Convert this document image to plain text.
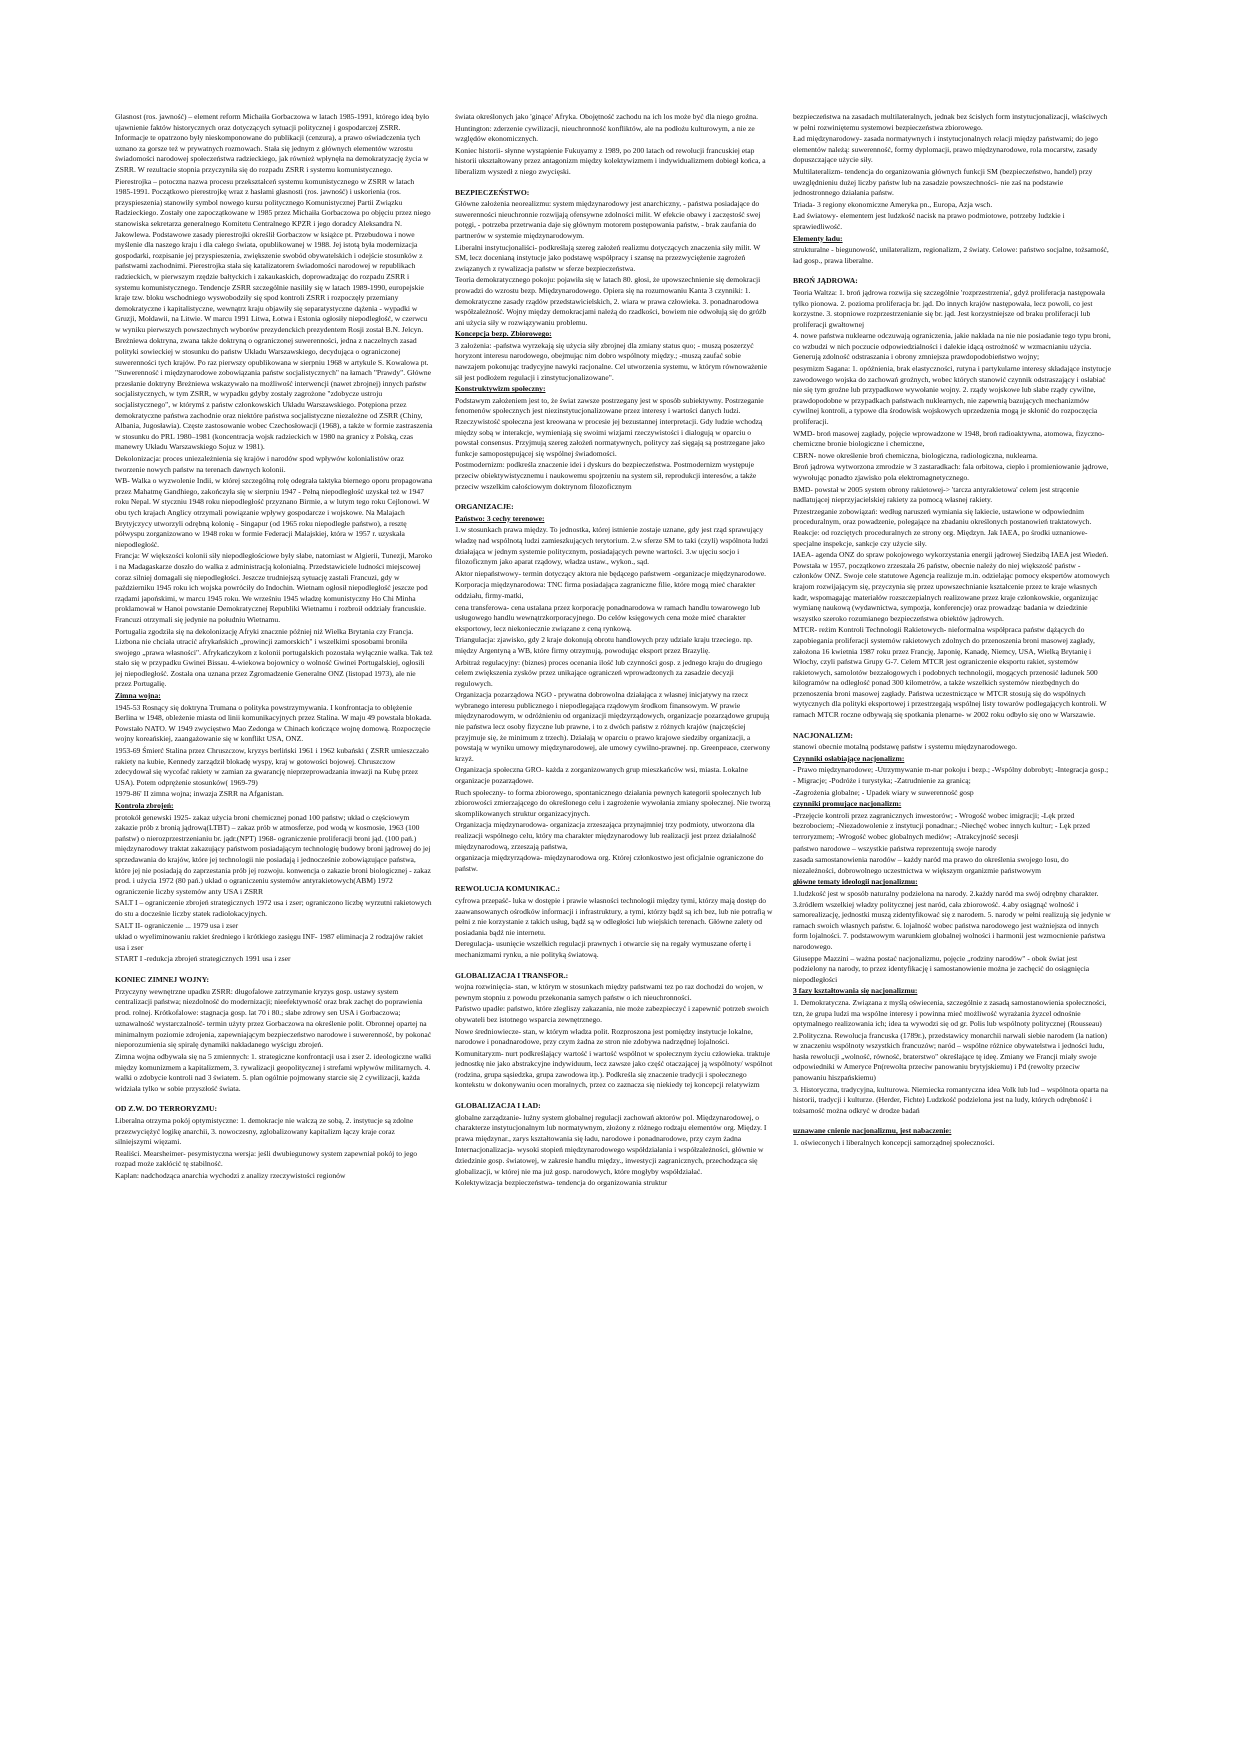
Glasnost (ros. jawność) – element reform Michaiła Gorbaczowa w latach 1985-1991, którego ideą było ujawnienie faktów historycznych oraz dotyczących sytuacji politycznej i gospodarczej ZSRR. Informacje te opatrzono były nieskomponowane do publikacji (cenzura), a prawo oświadczenia tych uznano za gorsze też w prywatnych rozmowach. Stała się jednym z głównych elementów wzrostu świadomości narodowej społeczeństwa radzieckiego, jak również wpłynęła na demokratyzację życia w ZSRR. W rezultacie stopnia przyczyniła się do rozpadu ZSRR i systemu komunistycznego.

Pierestrojka – potoczna nazwa procesu przekształceń systemu komunistycznego w ZSRR w latach 1985-1991. Początkowo pierestrojkę wraz z hasłami głasnosti (ros. jawność) i uskorienia (ros. przyspieszenia) stanowiły symbol nowego kursu politycznego Komunistycznej Partii Związku Radzieckiego. Zostały one zapoczątkowane w 1985 przez Michaiła Gorbaczowa po objęciu przez niego stanowiska sekretarza generalnego Komitetu Centralnego KPZR i jego doradcy Aleksandra N. Jakowlewa. Podstawowe zasady pierestrojki określił Gorbaczow w książce pt. Przebudowa i nowe myślenie dla naszego kraju i dla całego świata, opublikowanej w 1988. Jej istotą była modernizacja gospodarki, rozpisanie jej przyspieszenia, zwiększenie swobód obywatelskich i odejście stosunków z państwami zachodnimi. Pierestrojka stała się katalizatorem świadomości narodowej w republikach radzieckich, w pierwszym rzędzie bałtyckich i zakaukaskich, doprowadzając do rozpadu ZSRR i systemu komunistycznego. Tendencje ZSRR szczególnie nasiliły się w latach 1989-1990, europejskie kraje tzw. bloku wschodniego wyswobodziły się spod kontroli ZSRR i rozpoczęły przemiany demokratyczne i kapitalistyczne, wewnątrz kraju objawiły się separatystyczne dążenia - wypadki w Gruzji, Mołdawii, na Litwie. W marcu 1991 Litwa, Łotwa i Estonia ogłosiły niepodległość, w czerwcu w wyniku pierwszych powszechnych wyborów prezydenckich prezydentem Rosji został B.N. Jelcyn.

Breżniewa doktryna, zwana także doktryną o ograniczonej suwerenności, jedna z naczelnych zasad polityki sowieckiej w stosunku do państw Układu Warszawskiego, decydująca o ograniczonej suwerenności tych krajów. Po raz pierwszy opublikowana w sierpniu 1968 w artykule S. Kowalowa pt. "Suwerenność i międzynarodowe zobowiązania państw socjalistycznych" na łamach "Prawdy". Główne przesłanie doktryny Breżniewa wskazywało na możliwość interwencji (nawet zbrojnej) innych państw socjalistycznych, w tym ZSRR, w wypadku gdyby zostały zagrożone "zdobycze ustroju socjalistycznego", w którymś z państw członkowskich Układu Warszawskiego. Potępiona przez demokratyczne państwa zachodnie oraz niektóre państwa socjalistyczne niezależne od ZSRR (Chiny, Albania, Jugosławia). Częste zastosowanie wobec Czechosłowacji (1968), a także w formie zastraszenia w stosunku do PRL 1980–1981 (koncentracja wojsk radzieckich w 1980 na granicy z Polską, czas manewry Układu Warszawskiego Sojuz w 1981).

Dekolonizacja: proces uniezależnienia się krajów i narodów spod wpływów kolonialistów oraz tworzenie nowych państw na terenach dawnych kolonii.

WB- Walka o wyzwolenie Indii, w której szczególną rolę odegrała taktyka biernego oporu propagowana przez Mahatmę Gandhiego, zakończyła się w sierpniu 1947 - Pełną niepodległość uzyskał też w 1947 roku Nepal. W styczniu 1948 roku niepodległość przyznano Birmie, a w lutym tego roku Cejlonowi. W obu tych krajach Anglicy otrzymali powiązanie wpływy gospodarcze i wojskowe. Na Malajach Brytyjczycy utworzyli odrębną kolonię - Singapur (od 1965 roku niepodległe państwo), a resztę półwyspu zorganizowano w 1948 roku w formie Federacji Malajskiej, która w 1957 r. uzyskała niepodległość.

Francja: W większości kolonii siły niepodległościowe były słabe, natomiast w Algierii, Tunezji, Maroko i na Madagaskarze doszło do walka z administracją kolonialną. Przedstawiciele ludności miejscowej coraz silniej domagali się niepodległości. Jeszcze trudniejszą sytuację zastali Francuzi, gdy w październiku 1945 roku ich wojska powróciły do Indochin. Wietnam ogłosił niepodległość jeszcze pod rządami japońskimi, w marcu 1945 roku. We wrześniu 1945 władzę komunistyczny Ho Chi Minha proklamował w Hanoi powstanie Demokratycznej Republiki Wietnamu i rozbroił oddziały francuskie. Francuzi otrzymali się jedynie na południu Wietnamu.

Portugalia zgodziła się na dekolonizację Afryki znacznie później niż Wielka Brytania czy Francja. Lizbona nie chciała utracić afrykańskich „prowincji zamorskich" i wszelkimi sposobami broniła swojego „prawa własności". Afrykańczykom z kolonii portugalskich pozostała wyłącznie walka. Tak też stało się w przypadku Gwinei Bissau. 4-wiekowa bojownicy o wolność Gwinei Portugalskiej, ogłosili jej niepodległość. Została ona uznana przez Zgromadzenie Generalne ONZ (listopad 1973), ale nie przez Portugalię.

Zimna wojna:

1945-53 Rosnący się doktryna Trumana o polityka powstrzymywania. I konfrontacja to oblężenie Berlina w 1948, obleżenie miasta od linii komunikacyjnych przez Stalina. W maju 49 powstała blokada. Powstało NATO. W 1949 zwycięstwo Mao Zedonga w Chinach kończące wojnę domową. Rozpoczęcie wojny koreańskiej, zaangażowanie się w konflikt USA, ONZ.

1953-69 Śmierć Stalina przez Chruszczow, kryzys berliński 1961 i 1962 kubański ( ZSRR umieszczało rakiety na kubie, Kennedy zarządził blokadę wyspy, kraj w gotowości bojowej. Chruszczow zdecydował się wycofać rakiety w zamian za gwarancję nieprzeprowadzania inwazji na Kubę przez USA). Potem odprężenie stosunków( 1969-79)

1979-86' II zimna wojna; inwazja ZSRR na Afganistan.

Kontrola zbrojeń:

protokół genewski 1925- zakaz użycia broni chemicznej ponad 100 państw; układ o częściowym zakazie prób z bronią jądrową(LTBT) – zakaz prób w atmosferze, pod wodą w kosmosie, 1963 (100 państw) o nierozprzestrzenianiu br. jądr.(NPT) 1968- ograniczenie proliferacji broni jąd. (100 pań.) międzynarodowy traktat zakazujący państwom posiadającym technologię budowy broni jądrowej do jej sprzedawania do krajów, które jej technologii nie posiadają i jednocześnie zobowiązujące państwa, które jej nie posiadają do zaprzestania prób jej rozwoju. konwencja o zakazie broni biologicznej - zakaz prod. i użycia 1972 (80 pań.) układ o ograniczeniu systemów antyrakietowych(ABM) 1972 ograniczenie liczby systemów anty USA i ZSRR

SALT I – ograniczenie zbrojeń strategicznych 1972 usa i zser; ograniczono liczbę wyrzutni rakietowych do stu a docześnie liczby statek radiolokacyjnych.

SALT II- ograniczenie ... 1979 usa i zser

układ o wyeliminowaniu rakiet średniego i krótkiego zasięgu INF- 1987 eliminacja 2 rodzajów rakiet usa i zser

START I -redukcja zbrojeń strategicznych 1991 usa i zser

KONIEC ZIMNEJ WOJNY:

Przyczyny wewnętrzne upadku ZSRR: długofalowe zatrzymanie kryzys gosp. ustawy system centralizacji państwa; niezdolność do modernizacji; nieefektywność oraz brak zachęt do poprawienia prod. rolnej. Krótkofalowe: stagnacja gosp. lat 70 i 80.; słabe zdrowy sen USA i Gorbaczowa;

uznawalność wystarczalność- termin użyty przez Gorbaczowa na określenie polit. Obronnej opartej na minimalnym poziomie zdrojenia, zapewniającym bezpieczeństwo narodowe i suwerenność, by pokonać nieporozumienia się spiralę dynamiki nakładanego wyścigu zbrojeń.

Zimna wojna odbywała się na 5 zmiennych: 1. strategiczne konfrontacji usa i zser 2. ideologiczne walki między komunizmem a kapitalizmem, 3. rywalizacji geopolitycznej i strefami wpływów militarnych. 4. walki o zdobycie kontroli nad 3 światem. 5. plan ogólnie pojmowany starcie się 2 cywilizacji, każda widziała tylko w sobie przyszłość świata.

OD Z.W. DO TERRORYZMU:

Liberalna otrzyma pokój optymistyczne: 1. demokracje nie walczą ze sobą, 2. instytucje są zdolne przezwyciężyć logikę anarchii, 3. nowoczesny, zglobalizowany kapitalizm łączy kraje coraz silniejszymi więzami.

Realiści. Mearsheimer- pesymistyczna wersja: jeśli dwubiegunowy system zapewniał pokój to jego rozpad może zakłócić tę stabilność.

Kaplan: nadchodząca anarchia wychodzi z analizy rzeczywistości regionów

świata określonych jako 'ginące' Afryka. Obojętność zachodu na ich los może być dla niego groźna.

Huntington: zderzenie cywilizacji, nieuchronność konfliktów, ale na podłożu kulturowym, a nie ze względów ekonomicznych.

Koniec historii- słynne wystąpienie Fukuyamy z 1989, po 200 latach od rewolucji francuskiej etap historii ukształtowany przez antagonizm między kolektywizmem i indywidualizmem dobiegł końca, a liberalizm wyszedł z niego zwycięski.

BEZPIECZEŃSTWO:

Główne założenia neorealizmu: system międzynarodowy jest anarchiczny, - państwa posiadające do suwerenności nieuchronnie rozwijają ofensywne zdolności milit. W efekcie obawy i zaczęstość swej potęgi, - potrzeba przetrwania daje się głównym motorem postępowania państw, - brak zaufania do partnerów w systemie międzynarodowym.

Liberalni instytucjonaliści- podkreślają szereg założeń realizmu dotyczących znaczenia siły milit. W SM, lecz docenianą instytucje jako podstawę współpracy i szansę na przezwyciężenie zagrożeń związanych z rywalizacja państw w sferze bezpieczeństwa.

Teoria demokratycznego pokoju: pojawiła się w latach 80. głosi, że upowszechnienie się demokracji prowadzi do wzrostu bezp. Międzynarodowego. Opiera się na rozumowaniu Kanta 3 czynniki: 1. demokratyczne zasady rządów przedstawicielskich, 2. wiara w prawa człowieka. 3. ponadnarodowa współzależność. Wojny między demokracjami należą do rzadkości, bowiem nie odwołują się do gróźb ani użycia siły w rozwiązywaniu problemu.

Koncepcja bezp. Zbiorowego:

3 założenia: -państwa wyrzekają się użycia siły zbrojnej dla zmiany status quo; - muszą poszerzyć horyzont interesu narodowego, obejmując nim dobro wspólnoty między.; -muszą zaufać sobie nawzajem pokonując tradycyjne nawyki racjonalne. Cel utworzenia systemu, w którym równoważenie sił jest podłożem regulacji i zinstytucjonalizowane".

Konstruktywizm społeczny:

Podstawym założeniem jest to, że świat zawsze postrzegany jest w sposób subiektywny. Postrzeganie fenomenów społecznych jest niezinstytucjonalizowane przez interesy i wartości danych ludzi. Rzeczywistość społeczna jest kreowana w procesie jej bezustannej interpretacji. Gdy ludzie wchodzą między sobą w interakcje, wymieniają się swoimi wizjami rzeczywistości i dialogują w oparciu o powstał consensus. Przyjmują szereg założeń normatywnych, politycy zaś sięgają są postrzegane jako funkcje samopostępującej się wspólnej świadomości.

Postmodernizm: podkreśla znaczenie idei i dyskurs do bezpieczeństwa. Postmodernizm występuje przeciw obiektywistycznemu i naukowemu spojrzeniu na system sił, reprodukcji interesów, a także przeciw wszelkim całościowym doktrynom filozoficznym

ORGANIZACJE:

Państwo: 3 cechy terenowe:

1.w stosunkach prawa między. To jednostka, której istnienie zostaje uznane, gdy jest rząd sprawujący władzę nad wspólnotą ludzi zamieszkujących terytorium. 2.w sferze SM to taki (czyli) wspólnota ludzi działająca w jednym systemie politycznym, posiadających pewne wartości. 3.w ujęciu socjo i filozoficznym jako aparat rządowy, władza ustaw., wykon., sąd.

Aktor niepaństwowy- termin dotyczący aktora nie będącego państwem -organizacje międzynarodowe.

Korporacja międzynarodowa: TNC firma posiadająca zagraniczne filie, które mogą mieć charakter oddziału, firmy-matki,

cena transferowa- cena ustalana przez korporację ponadnarodowa w ramach handlu towarowego lub usługowego handlu wewnątrzkorporacyjnego. Do celów księgowych cena może mieć charakter eksportowy, lecz niekoniecznie związane z ceną rynkową.

Triangulacja: zjawisko, gdy 2 kraje dokonują obrotu handlowych przy udziale kraju trzeciego. np. między Argentyną a WB, które firmy otrzymują, powodując eksport przez Brazylię.

Arbitraż regulacyjny: (biznes) proces ocenania ilość lub czynności gosp. z jednego kraju do drugiego celem zwiększenia zysków przez unikające ograniczeń wprowadzonych za zasadzie decyzji regulowych.

Organizacja pozarządowa NGO - prywatna dobrowolna działająca z własnej inicjatywy na rzecz wybranego interesu publicznego i niepodlegająca rządowym środkom finansowym. W prawie międzynarodowym, w odróżnieniu od organizacji międzyrządowych, organizacje pozarządowe grupują nie państwa lecz osoby fizyczne lub prawne, i to z dwóch państw z różnych krajów (najczęściej przyjmuje się, że minimum z trzech). Działają w oparciu o prawo krajowe siedziby organizacji, a powstają w wyniku umowy międzynarodowej, ale umowy cywilno-prawnej. np. Greenpeace, czerwony krzyż.

Organizacja społeczna GRO- każda z zorganizowanych grup mieszkańców wsi, miasta. Lokalne organizacje pozarządowe.

Ruch społeczny- to forma zbiorowego, spontanicznego działania pewnych kategorii społecznych lub zbiorowości zmierzającego do określonego celu i zagrożenie wywołania zmiany społecznej. Nie tworzą skomplikowanych struktur organizacyjnych.

Organizacja międzynarodowa- organizacja zrzeszająca przynajmniej trzy podmioty, utworzona dla realizacji wspólnego celu, który ma charakter międzynarodowy lub realizacji jest przez działalność międzynarodową, zrzeszają państwa,

organizacja międzyrządowa- międzynarodowa org. Której członkostwo jest oficjalnie ograniczone do państw.

REWOLUCJA KOMUNIKAC.:

cyfrowa przepaść- luka w dostępie i prawie własności technologii między tymi, którzy mają dostęp do zaawansowanych ośrodków informacji i infrastruktury, a tymi, którzy bądź są ich bez, lub nie potrafią w pełni z nie korzystanie z takich usług, bądź są w odległości lub wiejskich terenach. Główne zalety od posiadania bądź nie internetu.

Deregulacja- usunięcie wszelkich regulacji prawnych i otwarcie się na regały wymuszane ofertę i mechanizmami rynku, a nie polityką światową.

GLOBALIZACJA I TRANSFOR.:

wojna rozwinięcia- stan, w którym w stosunkach między państwami tez po raz dochodzi do wojen, w pewnym stopniu z powodu przekonania samych państw o ich nieuchronności.

Państwo upadłe: państwo, które zlegliszy zakazania, nie może zabezpieczyć i zapewnić potrzeb swoich obywateli bez istotnego wsparcia zewnętrznego.

Nowe średniowiecze- stan, w którym władza polit. Rozproszona jest pomiędzy instytucje lokalne, narodowe i ponadnarodowe, przy czym żadna ze stron nie zdobywa nadrzędnej lojalności.

Komunitaryzm- nurt podkreślający wartość i wartość wspólnot w społecznym życiu człowieka. traktuje jednostkę nie jako abstrakcyjne indywiduum, lecz zawsze jako część otaczającej ją wspólnoty/ wspólnot (rodzina, grupa sąsiedzka, grupa zawodowa itp.). Podkreśla się znaczenie tradycji i społecznego kontekstu w dokonywaniu ocen moralnych, przez co zaznacza się niekiedy tej koncepcji relatywizm

GLOBALIZACJA I ŁAD:

globalne zarządzanie- luźny system globalnej regulacji zachowań aktorów pol. Międzynarodowej, o charakterze instytucjonalnym lub normatywnym, złożony z różnego rodzaju elementów org. Między. I prawa międzynar., zarys kształtowania się ładu, narodowe i ponadnarodowe, przy czym żadna

Internacjonalizacja- wysoki stopień międzynarodowego współdziałania i współzależności, głównie w dziedzinie gosp. światowej, w zakresie handlu między., inwestycji zagranicznych, przechodząca się globalizacji, w której nie ma już gosp. narodowych, które mogłyby współdziałać.

Kolektywizacja bezpieczeństwa- tendencja do organizowania struktur

bezpieczeństwa na zasadach multilateralnych, jednak bez ścisłych form instytucjonalizacji, właściwych w pełni rozwiniętemu systemowi bezpieczeństwa zbiorowego.

Ład międzynarodowy- zasada normatywnych i instytucjonalnych relacji między państwami; do jego elementów należą: suwerenność, formy dyplomacji, prawo międzynarodowe, rola mocarstw, zasady dopuszczające użycie siły.

Multilateralizm- tendencja do organizowania głównych funkcji SM (bezpieczeństwo, handel) przy uwzględnieniu dużej liczby państw lub na zasadzie powszechności- nie zaś na podstawie jednostronnego działania państw.

Triada- 3 regiony ekonomiczne Ameryka pn., Europa, Azja wsch.

Ład światowy- elementem jest ludzkość nacisk na prawo podmiotowe, potrzeby ludzkie i sprawiedliwość.

Elementy ładu:

strukturalne - biegunowość, unilateralizm, regionalizm, 2 światy. Celowe: państwo socjalne, tożsamość, ład gosp., prawa liberalne.

BROŃ JĄDROWA:

Teoria Waltza: 1. broń jądrowa rozwija się szczególnie 'rozprzestrzenia', gdyż proliferacja następowała tylko pionowa. 2. pozioma proliferacja br. jąd. Do innych krajów następowała, lecz powoli, co jest korzystne. 3. stopniowe rozprzestrzenianie się br. jąd. Jest korzystniejsze od braku proliferacji lub proliferacji gwałtownej

4. nowe państwa nuklearne odczuwają ograniczenia, jakie nakłada na nie nie posiadanie tego typu broni, co wzbudzi w nich poczucie odpowiedzialności i dalekie idącą ostrożność w wzmacnianiu użycia. Generują zdolność odstraszania i obrony zmniejsza prawdopodobieństwo wojny;

pesymizm Sagana: 1. opóźnienia, brak elastyczności, rutyna i partykularne interesy składające instytucje zawodowego wojska do zachowań groźnych, wobec których stanowić czynnik odstraszający i osłabiać nie się tym groźne lub przypadkowe wywołanie wojny. 2. rządy wojskowe lub słabe rządy cywilne, prawdopodobne w przypadkach państwach nuklearnych, nie zapewnią bazujących mechanizmów cywilnej kontroli, a typowe dla środowisk wojskowych uprzedzenia mogą je skłonić do rozpoczęcia proliferacji.

WMD- broń masowej zagłady, pojęcie wprowadzone w 1948, broń radioaktywna, atomowa, fizyczno-chemiczne bronie biologiczne i chemiczne,

CBRN- nowe określenie broń chemiczna, biologiczna, radiologiczna, nuklearna.

Broń jądrowa wytworzona zmrodzie w 3 zastaradkach: fala orbitowa, ciepło i promieniowanie jądrowe, wywołując ponadto zjawisko pola elektromagnetycznego.

BMD- powstał w 2005 system obrony rakietowej-> 'tarcza antyrakietowa' celem jest strącenie nadlatującej nieprzyjacielskiej rakiety za pomocą własnej rakiety.

Przestrzeganie zobowiązań: według naruszeń wymiania się lakiecie, ustawione w odpowiednim proceduralnym, oraz powadzenie, polegające na zbadaniu określonych postanowień traktatowych. Reakcje: od rozciętych proceduralnych ze strony org. Międzyn. Jak IAEA, po środki uznaniowe- specjalne inspekcje, sankcje czy użycie siły.

IAEA- agenda ONZ do spraw pokojowego wykorzystania energii jądrowej Siedzibą IAEA jest Wiedeń. Powstała w 1957, początkowo zrzeszała 26 państw, obecnie należy do niej większość państw - członków ONZ. Swoje cele statutowe Agencja realizuje m.in. odzielając pomocy ekspertów atomowych krajom rozwijającym się, przyczynia się przez upowszechnianie kształcenie przez te kraje własnych kadr, wspomagając materiałów rozszczepialnych realizowane przez kraje członkowskie, organizując wymianę naukową (wydawnictwa, sympozja, konferencje) oraz prowadząc badania w dziedzinie wszystko szeroko rozumianego bezpieczeństwa obiektów jądrowych.

MTCR- reżim Kontroli Technologii Rakietowych- nieformalna współpraca państw dążących do zapobiegania proliferacji systemów rakietowych zdolnych do przenoszenia broni masowej zagłady, założona 16 kwietnia 1987 roku przez Francję, Japonię, Kanadę, Niemcy, USA, Wielką Brytanię i Włochy, czyli państwa Grupy G-7. Celem MTCR jest ograniczenie eksportu rakiet, systemów rakietowych, samolotów bezzałogowych i podobnych technologii, mogących przenosić ładunek 500 kilogramów na odległość ponad 300 kilometrów, a także wszelkich systemów niezbędnych do przenoszenia broni masowej zagłady. Państwa uczestniczące w MTCR stosują się do wspólnych wytycznych dla polityki eksportowej i przestrzegają wspólnej listy towarów podlegających kontroli. W ramach MTCR roczne odbywają się spotkania plenarne- w 2002 roku odbyło się ono w Warszawie.

NACJONALIZM:

stanowi obecnie motalną podstawę państw i systemu międzynarodowego.

Czynniki osłabiające nacjonalizm:

- Prawo międzynarodowe; -Utrzymywanie m-nar pokoju i bezp.; -Wspólny dobrobyt; -Integracja gosp.; - Migracje; -Podróże i turystyka; -Zatrudnienie za granicą;

-Zagrożenia globalne; - Upadek wiary w suwerenność gosp

czynniki promujące nacjonalizm:

-Przejęcie kontroli przez zagranicznych inwestorów; - Wrogość wobec imigracji; -Lęk przed bezrobociem; -Niezadowolenie z instytucji ponadnar.; -Niechęć wobec innych kultur; - Lęk przed terroryzmem; -Wrogość wobec globalnych mediów; -Atrakcyjność secesji

państwo narodowe – wszystkie państwa reprezentują swoje narody

zasada samostanowienia narodów – każdy naród ma prawo do określenia swojego losu, do niezależności, dobrowolnego uczestnictwa w większym organizmie państwowym

główne tematy ideologii nacjonalizmu:

1.ludzkość jest w sposób naturalny podzielona na narody. 2.każdy naród ma swój odrębny charakter. 3.źródłem wszelkiej władzy politycznej jest naród, cała zbiorowość. 4.aby osiągnąć wolność i samorealizację, jednostki muszą zidentyfikować się z narodem. 5. narody w pełni realizują się jedynie w ramach swoich własnych państw. 6. lojalność wobec państwa narodowego jest ważniejsza od innych form lojalności. 7. podstawowym warunkiem globalnej wolności i harmonii jest wzmocnienie państwa narodowego.

Giuseppe Mazzini – ważna postać nacjonalizmu, pojęcie „rodziny narodów" - obok świat jest podzielony na narody, to przez identyfikację i samostanowienie można je zachęcić do osiągnięcia niepodległości

3 fazy kształtowania się nacjonalizmu:

1. Demokratyczna. Związana z myślą oświecenia, szczególnie z zasadą samostanowienia społeczności, tzn, że grupa ludzi ma wspólne interesy i powinna mieć możliwość wyrażania żyzcel odnośnie optymalnego realizowania ich; idea ta wywodzi się od gr. Polis lub wspólnoty politycznej (Rousseau)

2.Polityczna. Rewolucja francuska (1789r.), przedstawicy monarchii narwali siebie narodem (la nation) w znaczeniu wspólnoty wszystkich francuzów; naród – wspólne różnice obywatelstwa i jedności ludu, hasła rewolucji „wolność, równość, braterstwo" określające tę ideę. Zmiany we Francji miały swoje odpowiedniki w Ameryce Pn(rewolta przeciw panowaniu brytyjskiemu) i Pd (rewolty przeciw panowaniu hiszpańskiemu)

3. Historyczna, tradycyjna, kulturowa. Niemiecka romantyczna idea Volk lub lud – wspólnota oparta na historii, tradycji i kulturze. (Herder, Fichte) Ludzkość podzielona jest na ludy, których odrębność i tożsamość można odkryć w drodze badań

uznawane cnienie nacjonalizmu, jest nabaczenie:

1. oświeconych i liberalnych koncepcji samorządnej społeczności.
